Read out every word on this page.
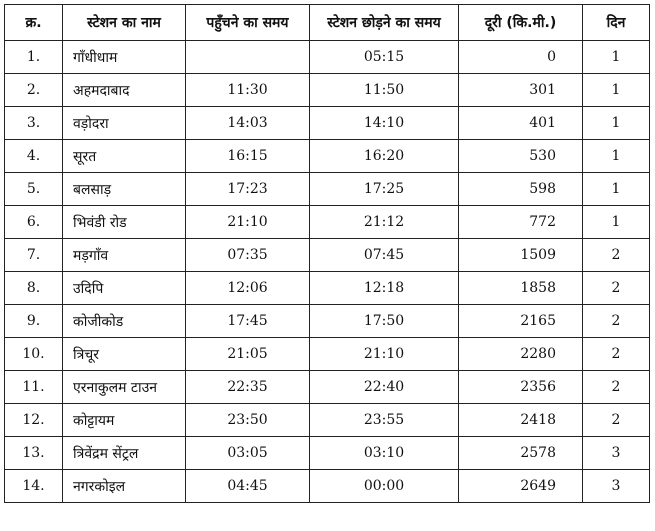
क्र.	स्टेशन का नाम	पहुँचने का समय	स्टेशन छोड़ने का समय	दूरी (कि.मी.)	दिन
1.	गाँधीधाम		05:15	0	1
2.	अहमदाबाद	11:30	11:50	301	1
3.	वड़ोदरा	14:03	14:10	401	1
4.	सूरत	16:15	16:20	530	1
5.	बलसाड़	17:23	17:25	598	1
6.	भिवंडी रोड	21:10	21:12	772	1
7.	मड़गाँव	07:35	07:45	1509	2
8.	उदिपि	12:06	12:18	1858	2
9.	कोजीकोड	17:45	17:50	2165	2
10.	त्रिचूर	21:05	21:10	2280	2
11.	एरनाकुलम टाउन	22:35	22:40	2356	2
12.	कोट्टायम	23:50	23:55	2418	2
13.	त्रिवेंद्रम सेंट्रल	03:05	03:10	2578	3
14.	नगरकोइल	04:45	00:00	2649	3
